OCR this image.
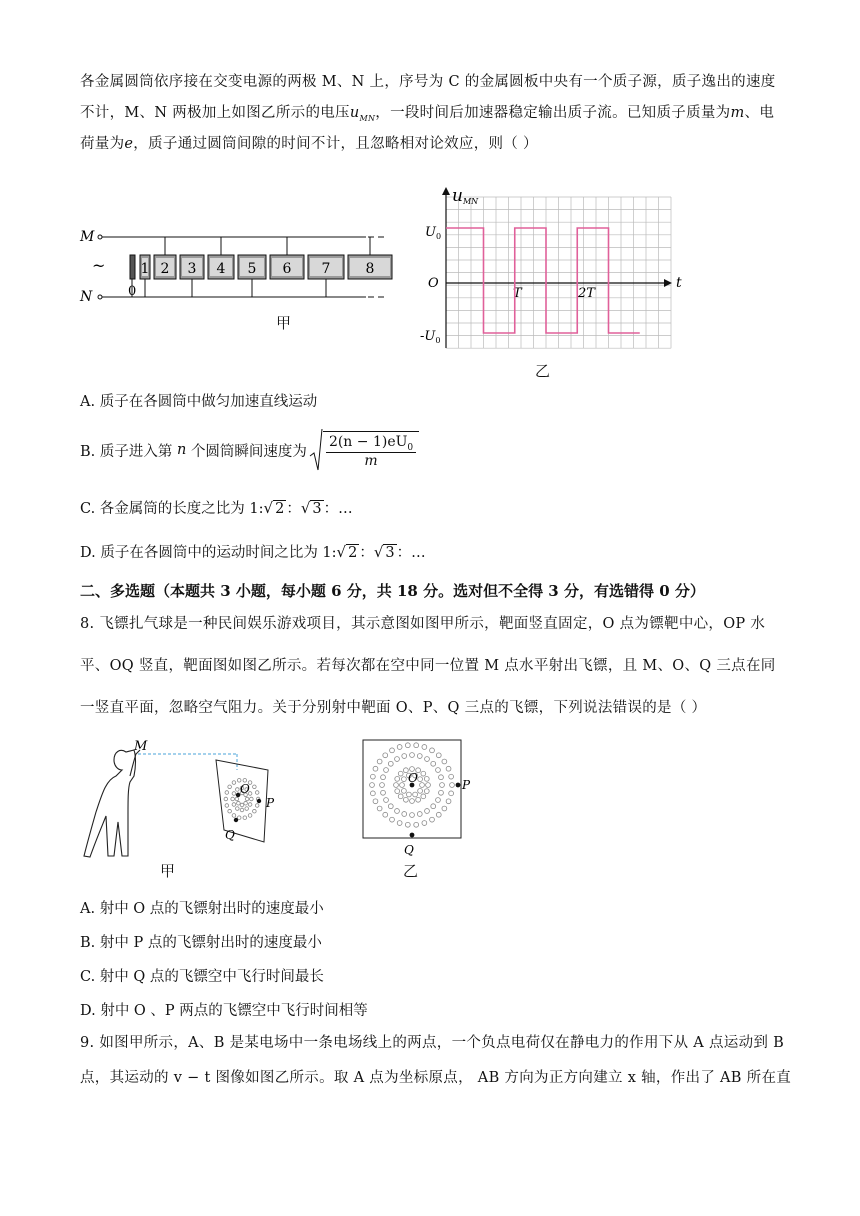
各金属圆筒依序接在交变电源的两极 M、N 上，序号为 C 的金属圆板中央有一个质子源，质子逸出的速度
不计，M、N 两极加上如图乙所示的电压$u_{MN}$，一段时间后加速器稳定输出质子流。已知质子质量为m、电
荷量为e，质子通过圆筒间隙的时间不计，且忽略相对论效应，则（ ）
M
N
~
0
1 2 3 4 5 6 7	8
甲
uMN
$U_0$
O
$-U_0$
t
T	2T
乙
A. 质子在各圆筒中做匀加速直线运动
B. 质子进入第
n
个圆筒瞬间速度为 $\frac{2(n - 1)eU_0}{m}$
C. 各金属筒的长度之比为 1:√ 2 ：√ 3 ：…
D. 质子在各圆筒中的运动时间之比为 1:√ 2 ：√ 3 ：…
二、多选题（本题共 3 小题，每小题 6 分，共 18 分。选对但不全得 3 分，有选错得 0 分）
8. 飞镖扎气球是一种民间娱乐游戏项目，其示意图如图甲所示，靶面竖直固定，O 点为镖靶中心，OP 水
平、OQ 竖直，靶面图如图乙所示。若每次都在空中同一位置 M 点水平射出飞镖，且 M、O、Q 三点在同
一竖直平面，忽略空气阻力。关于分别射中靶面 O、P、Q 三点的飞镖，下列说法错误的是（ ）
M
O
P
Q
甲
O	P
Q
乙
A. 射中 O 点的飞镖射出时的速度最小
B. 射中 P 点的飞镖射出时的速度最小
C. 射中 Q 点的飞镖空中飞行时间最长
D. 射中 O 、P 两点的飞镖空中飞行时间相等
9. 如图甲所示，A、B 是某电场中一条电场线上的两点，一个负点电荷仅在静电力的作用下从 A 点运动到 B
点，其运动的 v − t 图像如图乙所示。取 A 点为坐标原点， AB 方向为正方向建立 x 轴，作出了 AB 所在直
